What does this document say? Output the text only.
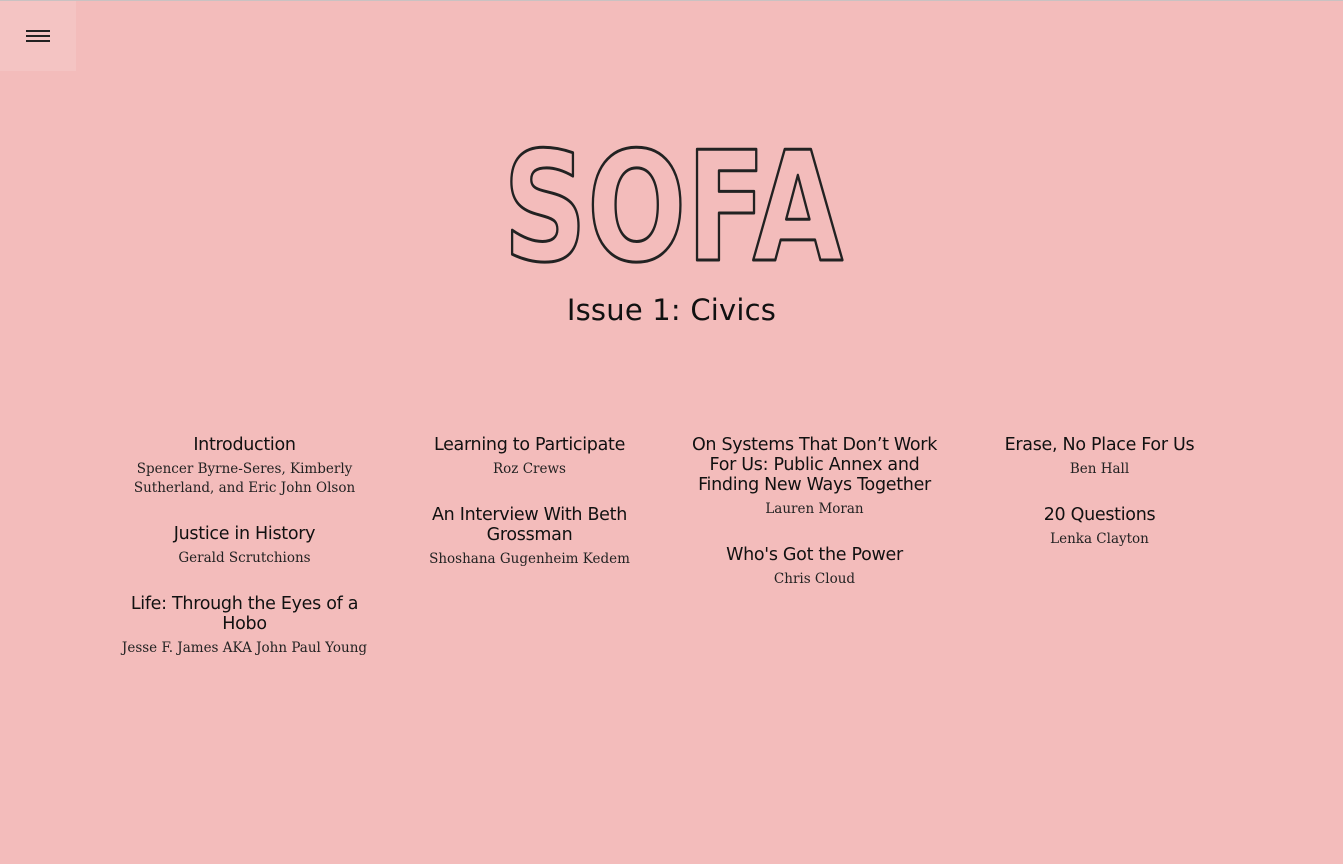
SOFA
Issue 1: Civics
Introduction
Spencer Byrne-Seres, Kimberly Sutherland, and Eric John Olson
Justice in History
Gerald Scrutchions
Life: Through the Eyes of a Hobo
Jesse F. James AKA John Paul Young
Learning to Participate
Roz Crews
An Interview With Beth Grossman
Shoshana Gugenheim Kedem
On Systems That Don’t Work For Us: Public Annex and Finding New Ways Together
Lauren Moran
Who's Got the Power
Chris Cloud
Erase, No Place For Us
Ben Hall
20 Questions
Lenka Clayton
